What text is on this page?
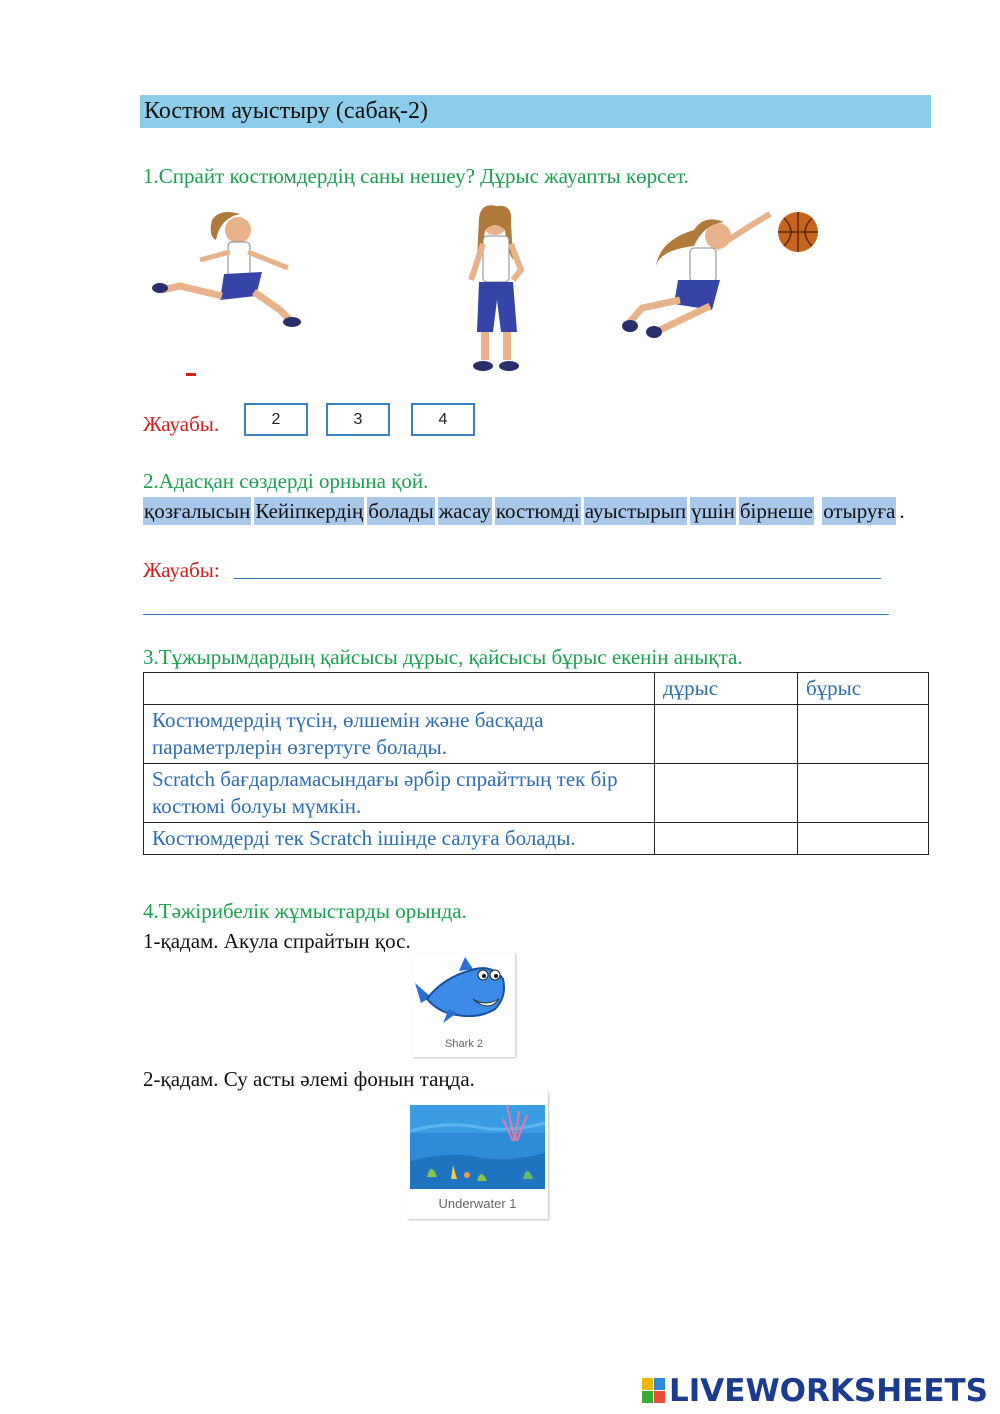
Костюм ауыстыру (сабақ-2)
1.Спрайт костюмдердің саны нешеу? Дұрыс жауапты көрсет.
Жауабы.	2	3	4
2.Адасқан сөздерді орнына қой.
қозғалысын Кейіпкердің болады жасау костюмді ауыстырып үшін бірнеше отыруға .
Жауабы:
3.Тұжырымдардың қайсысы дұрыс, қайсысы бұрыс екенін анықта.
	дұрыс	бұрыс
Костюмдердің түсін, өлшемін және басқада параметрлерін өзгертуге болады.		
Scratch бағдарламасындағы әрбір спрайттың тек бір костюмі болуы мүмкін.		
Костюмдерді тек Scratch ішінде салуға болады.		
4.Тәжірибелік жұмыстарды орында.
1-қадам. Акула спрайтын қос.
Shark 2
2-қадам. Су асты әлемі фонын таңда.
Underwater 1
LIVEWORKSHEETS
